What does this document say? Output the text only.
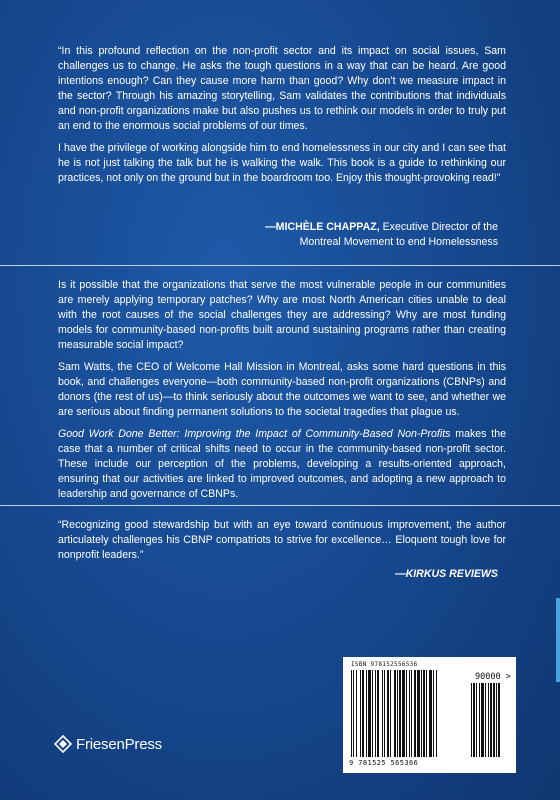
“In this profound reflection on the non-profit sector and its impact on social issues, Sam challenges us to change. He asks the tough questions in a way that can be heard. Are good intentions enough? Can they cause more harm than good? Why don’t we measure impact in the sector? Through his amazing storytelling, Sam validates the contributions that individuals and non-profit organizations make but also pushes us to rethink our models in order to truly put an end to the enormous social problems of our times.

I have the privilege of working alongside him to end homelessness in our city and I can see that he is not just talking the talk but he is walking the walk. This book is a guide to rethinking our practices, not only on the ground but in the boardroom too. Enjoy this thought-provoking read!”

—MICHÈLE CHAPPAZ, Executive Director of the
Montreal Movement to end Homelessness

Is it possible that the organizations that serve the most vulnerable people in our communities are merely applying temporary patches? Why are most North American cities unable to deal with the root causes of the social challenges they are addressing? Why are most funding models for community-based non-profits built around sustaining programs rather than creating measurable social impact?

Sam Watts, the CEO of Welcome Hall Mission in Montreal, asks some hard questions in this book, and challenges everyone—both community-based non-profit organizations (CBNPs) and donors (the rest of us)—to think seriously about the outcomes we want to see, and whether we are serious about finding permanent solutions to the societal tragedies that plague us.

Good Work Done Better: Improving the Impact of Community-Based Non-Profits makes the case that a number of critical shifts need to occur in the community-based non-profit sector. These include our perception of the problems, developing a results-oriented approach, ensuring that our activities are linked to improved outcomes, and adopting a new approach to leadership and governance of CBNPs.

“Recognizing good stewardship but with an eye toward continuous improvement, the author articulately challenges his CBNP compatriots to strive for excellence… Eloquent tough love for nonprofit leaders.”

—KIRKUS REVIEWS
FriesenPress
ISBN 978152556536
90000 >
9 781525 565366
